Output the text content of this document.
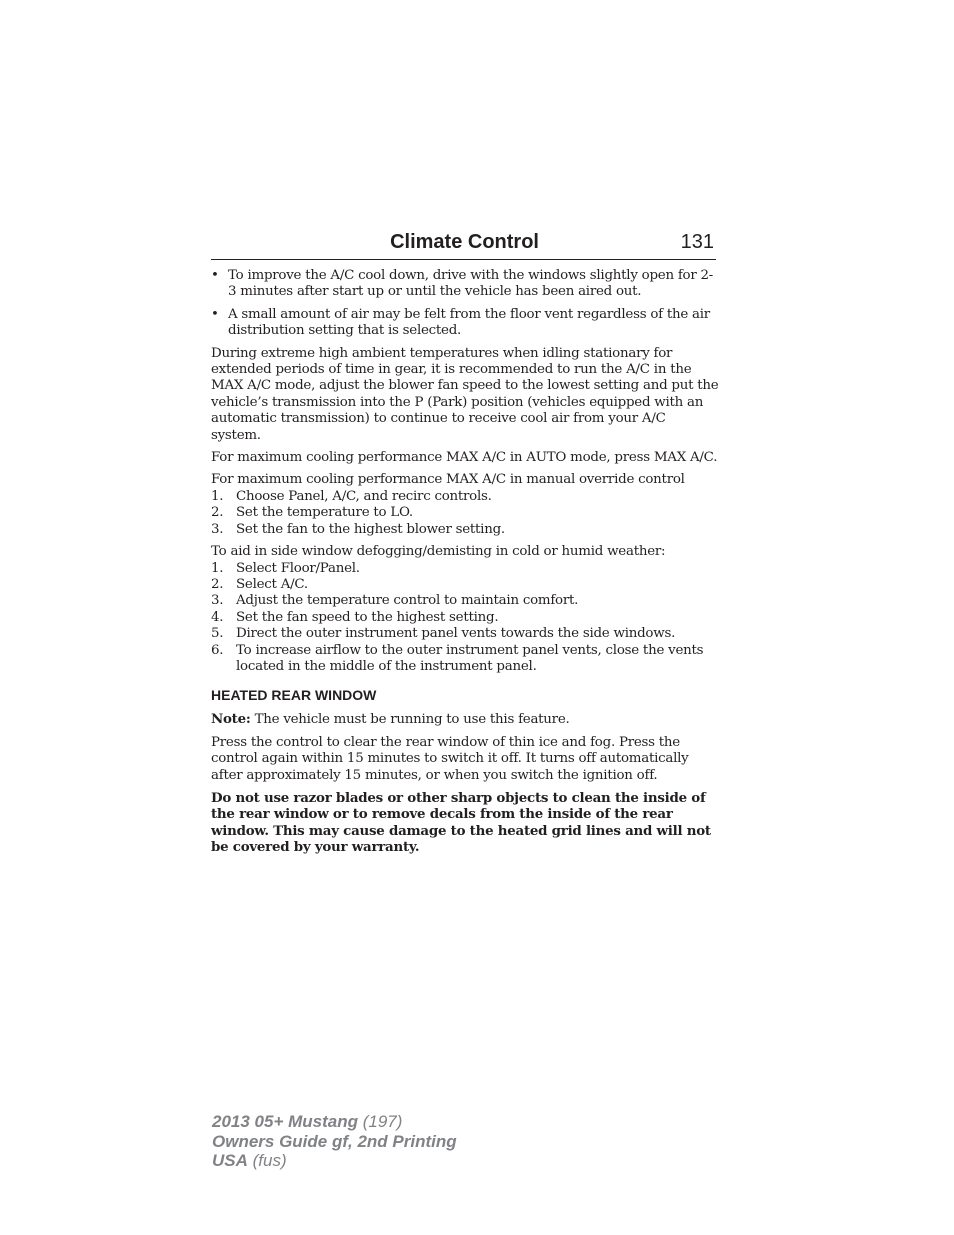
Climate Control	131
• To improve the A/C cool down, drive with the windows slightly open for 2-3 minutes after start up or until the vehicle has been aired out.
• A small amount of air may be felt from the floor vent regardless of the air distribution setting that is selected.

During extreme high ambient temperatures when idling stationary for extended periods of time in gear, it is recommended to run the A/C in the MAX A/C mode, adjust the blower fan speed to the lowest setting and put the vehicle’s transmission into the P (Park) position (vehicles equipped with an automatic transmission) to continue to receive cool air from your A/C system.

For maximum cooling performance MAX A/C in AUTO mode, press MAX A/C.

For maximum cooling performance MAX A/C in manual override control
1. Choose Panel, A/C, and recirc controls.
2. Set the temperature to LO.
3. Set the fan to the highest blower setting.
To aid in side window defogging/demisting in cold or humid weather:
1. Select Floor/Panel.
2. Select A/C.
3. Adjust the temperature control to maintain comfort.
4. Set the fan speed to the highest setting.
5. Direct the outer instrument panel vents towards the side windows.
6. To increase airflow to the outer instrument panel vents, close the vents located in the middle of the instrument panel.
HEATED REAR WINDOW

Note: The vehicle must be running to use this feature.

Press the control to clear the rear window of thin ice and fog. Press the control again within 15 minutes to switch it off. It turns off automatically after approximately 15 minutes, or when you switch the ignition off.

Do not use razor blades or other sharp objects to clean the inside of the rear window or to remove decals from the inside of the rear window. This may cause damage to the heated grid lines and will not be covered by your warranty.

2013 05+ Mustang (197)
Owners Guide gf, 2nd Printing
USA (fus)
